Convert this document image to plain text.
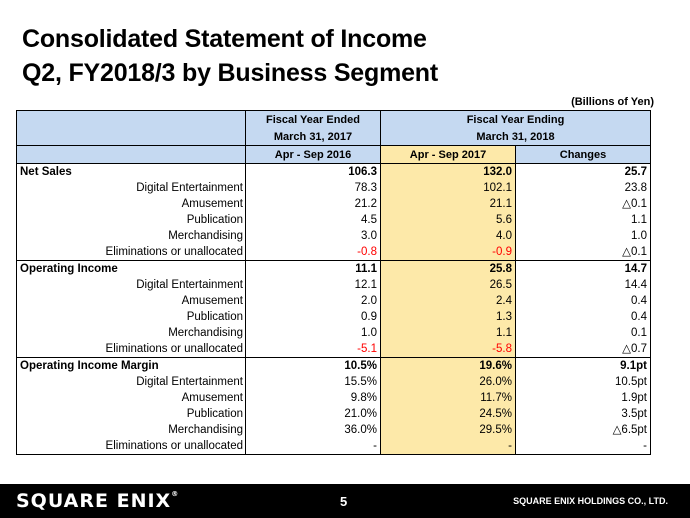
Consolidated Statement of Income
Q2, FY2018/3 by Business Segment
(Billions of Yen)
	Fiscal Year Ended	Fiscal Year Ending	
	March 31, 2017	March 31, 2018	
	Apr - Sep 2016	Apr - Sep 2017	Changes
Net Sales	106.3	132.0	25.7
Digital Entertainment	78.3	102.1	23.8
Amusement	21.2	21.1	△0.1
Publication	4.5	5.6	1.1
Merchandising	3.0	4.0	1.0
Eliminations or unallocated	-0.8	-0.9	△0.1
Operating Income	11.1	25.8	14.7
Digital Entertainment	12.1	26.5	14.4
Amusement	2.0	2.4	0.4
Publication	0.9	1.3	0.4
Merchandising	1.0	1.1	0.1
Eliminations or unallocated	-5.1	-5.8	△0.7
Operating Income Margin	10.5%	19.6%	9.1pt
Digital Entertainment	15.5%	26.0%	10.5pt
Amusement	9.8%	11.7%	1.9pt
Publication	21.0%	24.5%	3.5pt
Merchandising	36.0%	29.5%	△6.5pt
Eliminations or unallocated	-	-	-
SQUARE ENIX®	5	SQUARE ENIX HOLDINGS CO., LTD.
